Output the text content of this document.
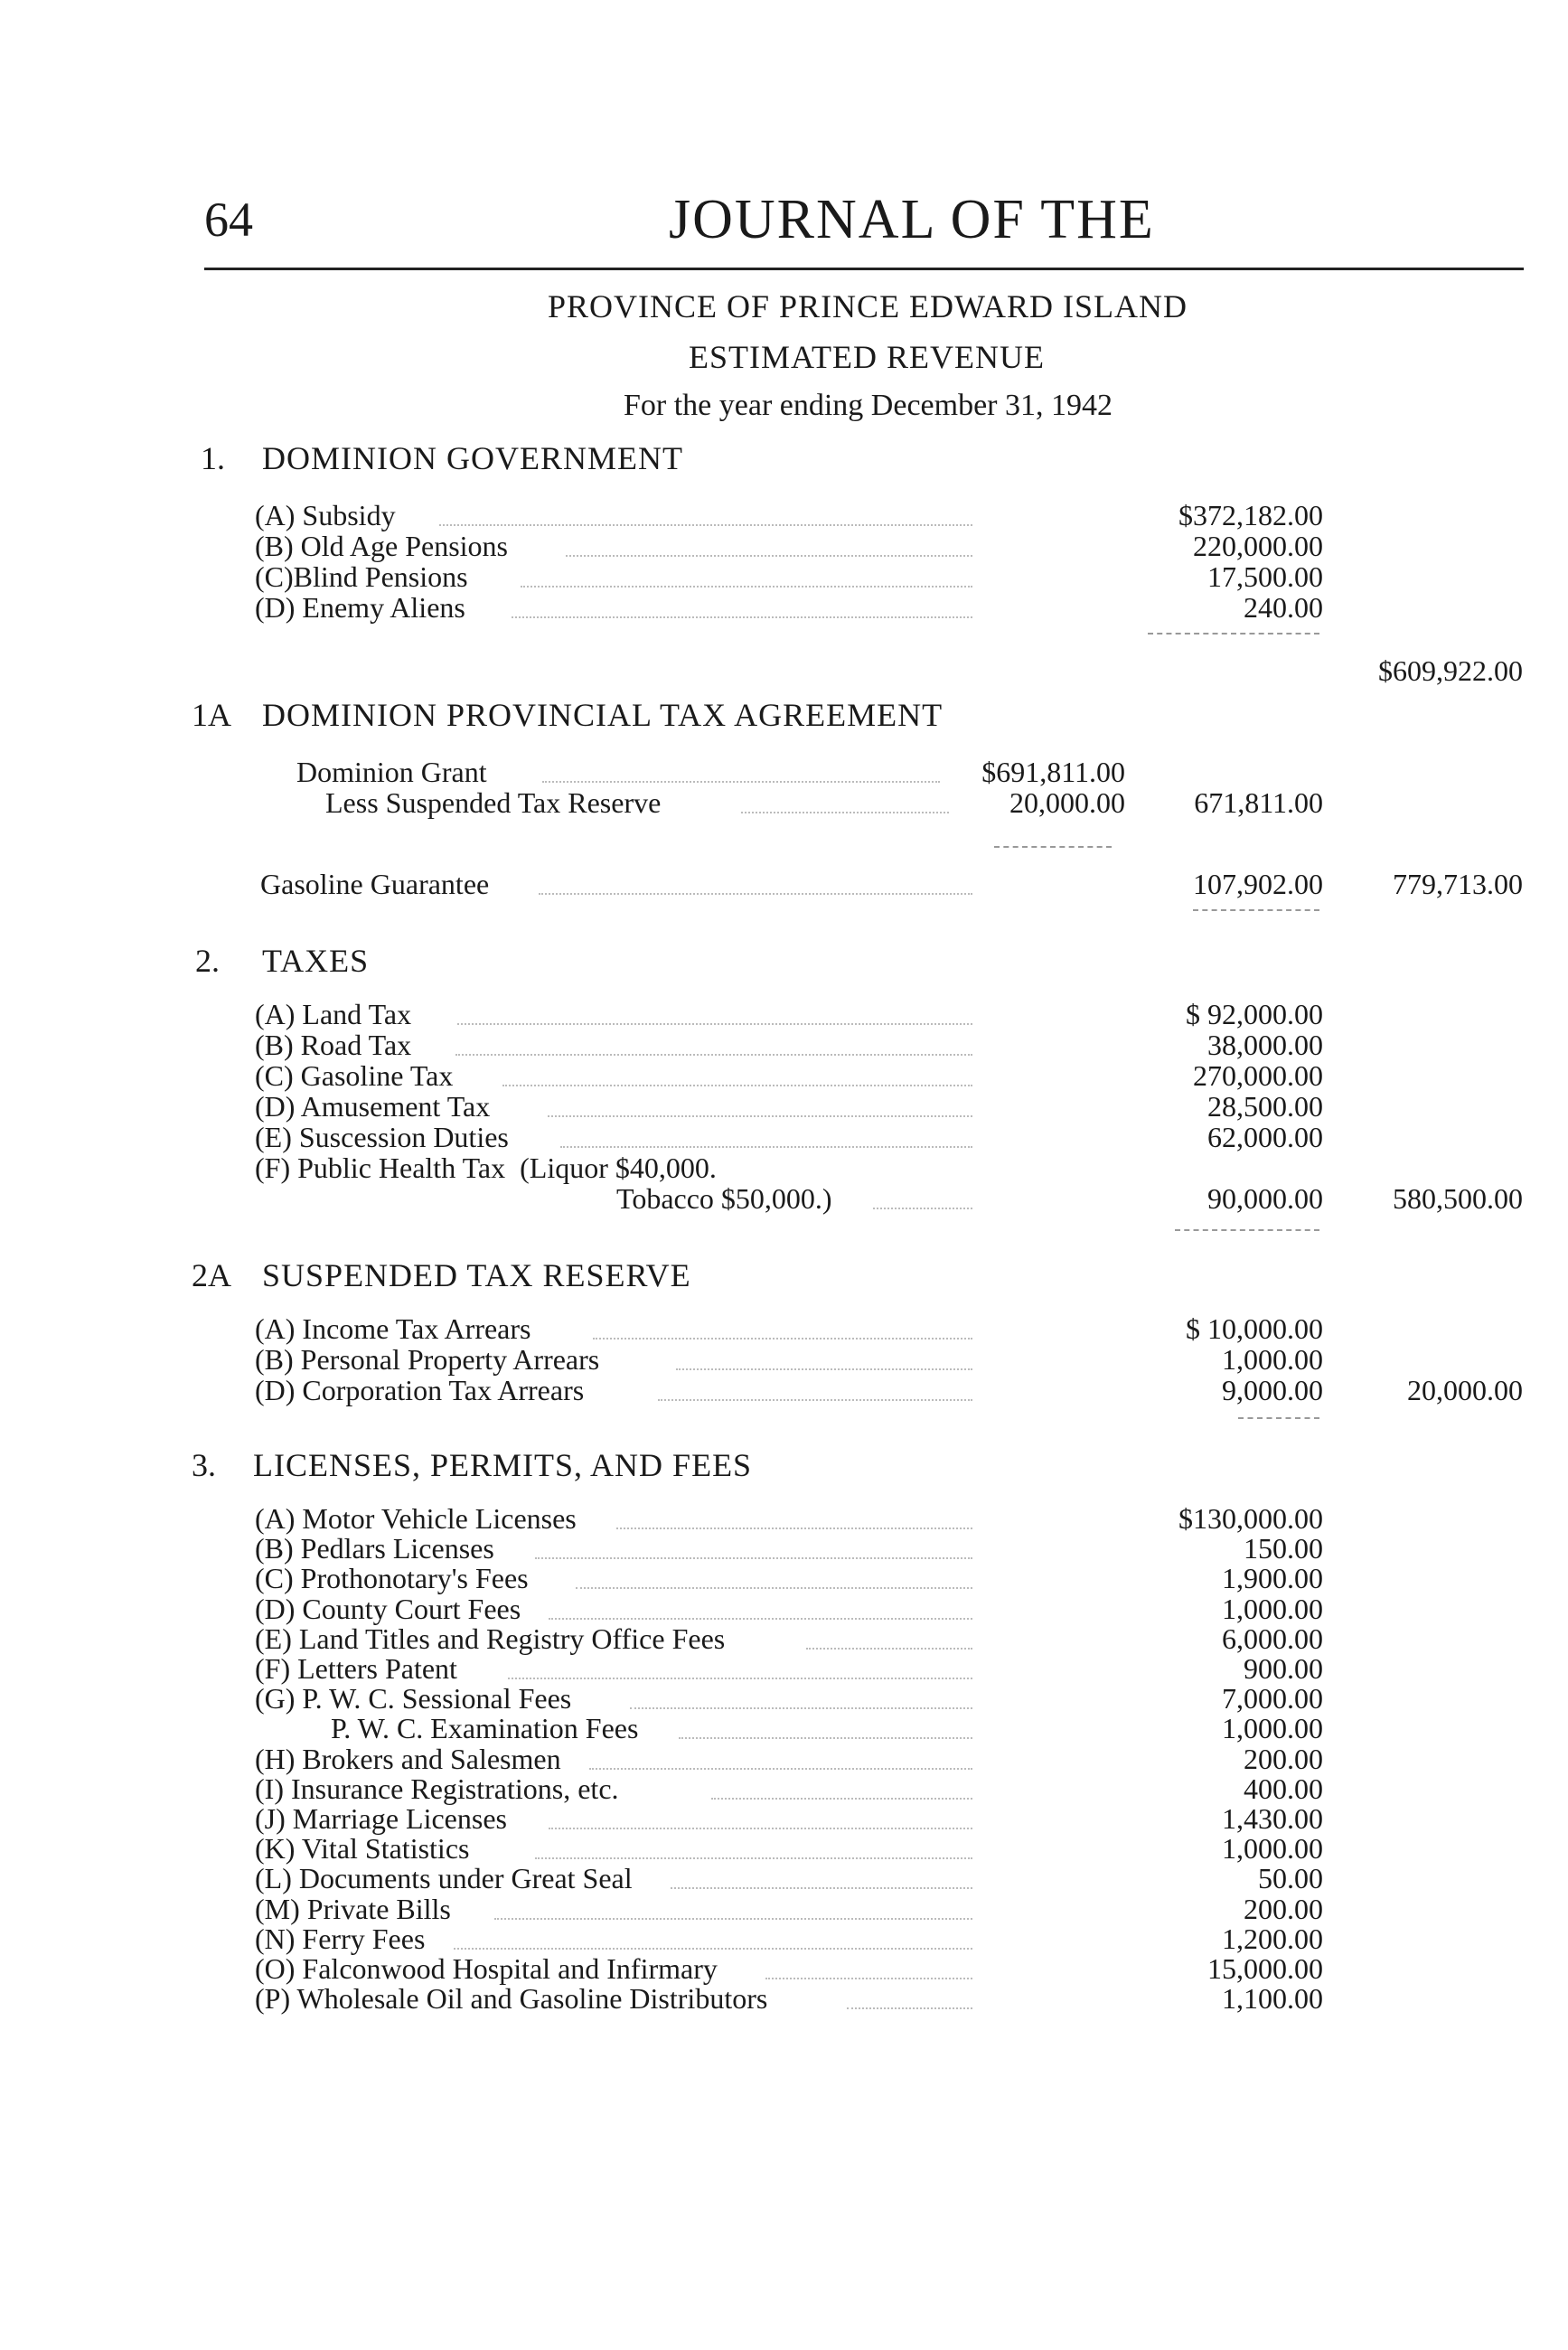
64	JOURNAL OF THE
PROVINCE OF PRINCE EDWARD ISLAND
ESTIMATED REVENUE
For the year ending December 31, 1942
1. DOMINION GOVERNMENT
(A) Subsidy	$372,182.00
(B) Old Age Pensions	220,000.00
(C)Blind Pensions	17,500.00
(D) Enemy Aliens	240.00
$609,922.00
1A DOMINION PROVINCIAL TAX AGREEMENT
Dominion Grant	$691,811.00
Less Suspended Tax Reserve	20,000.00	671,811.00
Gasoline Guarantee	107,902.00	779,713.00
2. TAXES
(A) Land Tax	$ 92,000.00
(B) Road Tax	38,000.00
(C) Gasoline Tax	270,000.00
(D) Amusement Tax	28,500.00
(E) Suscession Duties	62,000.00
(F) Public Health Tax  (Liquor $40,000.
Tobacco $50,000.)	90,000.00	580,500.00
2A SUSPENDED TAX RESERVE
(A) Income Tax Arrears	$ 10,000.00
(B) Personal Property Arrears	1,000.00
(D) Corporation Tax Arrears	9,000.00	20,000.00
3. LICENSES, PERMITS, AND FEES
(A) Motor Vehicle Licenses	$130,000.00
(B) Pedlars Licenses	150.00
(C) Prothonotary's Fees	1,900.00
(D) County Court Fees	1,000.00
(E) Land Titles and Registry Office Fees	6,000.00
(F) Letters Patent	900.00
(G) P. W. C. Sessional Fees	7,000.00
P. W. C. Examination Fees	1,000.00
(H) Brokers and Salesmen	200.00
(I) Insurance Registrations, etc.	400.00
(J) Marriage Licenses	1,430.00
(K) Vital Statistics	1,000.00
(L) Documents under Great Seal	50.00
(M) Private Bills	200.00
(N) Ferry Fees	1,200.00
(O) Falconwood Hospital and Infirmary	15,000.00
(P) Wholesale Oil and Gasoline Distributors	1,100.00
